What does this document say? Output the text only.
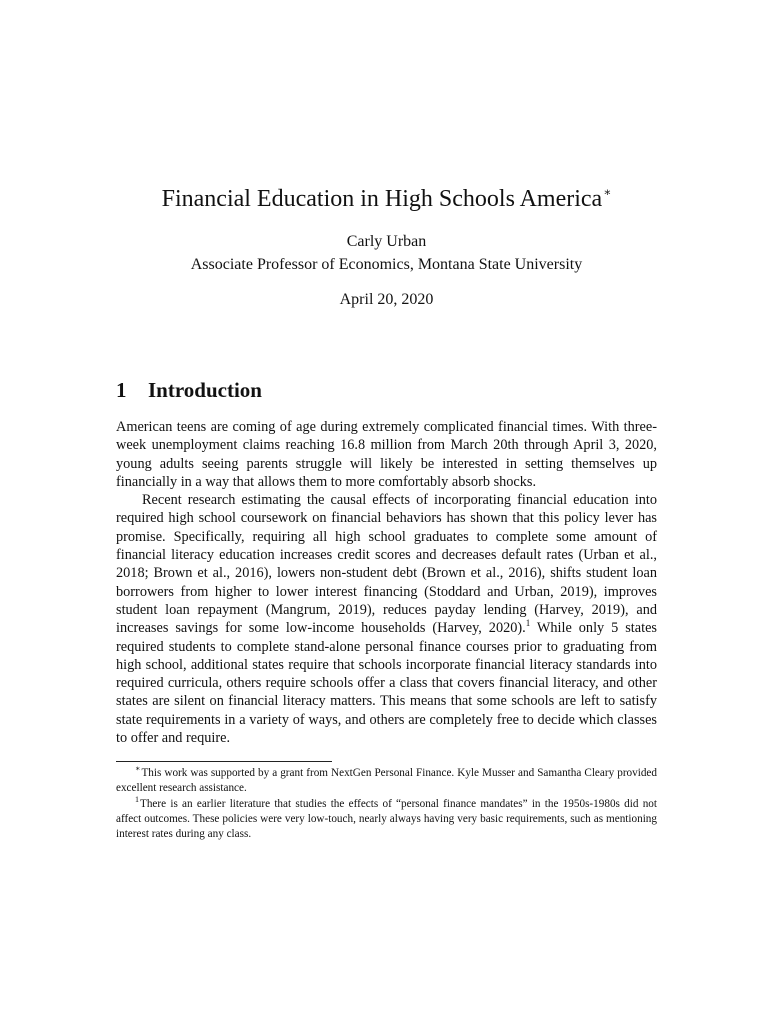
Financial Education in High Schools America∗
Carly Urban
Associate Professor of Economics, Montana State University
April 20, 2020
1 Introduction

American teens are coming of age during extremely complicated financial times. With three-week unemployment claims reaching 16.8 million from March 20th through April 3, 2020, young adults seeing parents struggle will likely be interested in setting themselves up financially in a way that allows them to more comfortably absorb shocks.

Recent research estimating the causal effects of incorporating financial education into required high school coursework on financial behaviors has shown that this policy lever has promise. Specifically, requiring all high school graduates to complete some amount of financial literacy education increases credit scores and decreases default rates (Urban et al., 2018; Brown et al., 2016), lowers non-student debt (Brown et al., 2016), shifts student loan borrowers from higher to lower interest financing (Stoddard and Urban, 2019), improves student loan repayment (Mangrum, 2019), reduces payday lending (Harvey, 2019), and increases savings for some low-income households (Harvey, 2020).$^1$ While only 5 states required students to complete stand-alone personal finance courses prior to graduating from high school, additional states require that schools incorporate financial literacy standards into required curricula, others require schools offer a class that covers financial literacy, and other states are silent on financial literacy matters. This means that some schools are left to satisfy state requirements in a variety of ways, and others are completely free to decide which classes to offer and require.

∗This work was supported by a grant from NextGen Personal Finance. Kyle Musser and Samantha Cleary provided excellent research assistance.

$^1$There is an earlier literature that studies the effects of “personal finance mandates” in the 1950s-1980s did not affect outcomes. These policies were very low-touch, nearly always having very basic requirements, such as mentioning interest rates during any class.
